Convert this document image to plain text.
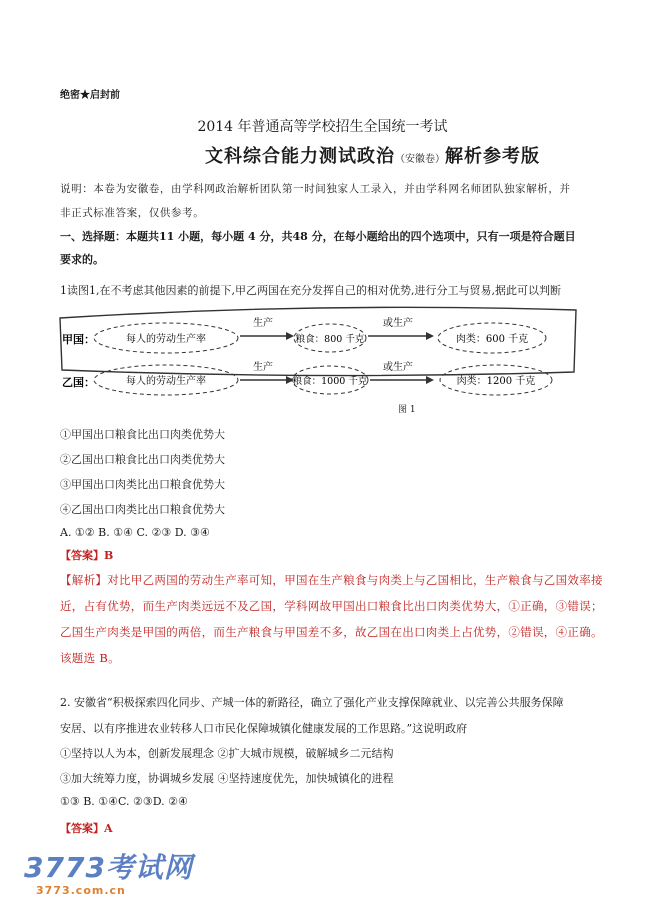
绝密★启封前
2014 年普通高等学校招生全国统一考试
文科综合能力测试政治（安徽卷）解析参考版
说明：本卷为安徽卷，由学科网政治解析团队第一时间独家人工录入，并由学科网名师团队独家解析，并
非正式标准答案，仅供参考。
一、选择题：本题共11 小题，每小题 4 分，共48 分，在每小题给出的四个选项中，只有一项是符合题目
要求的。
1读图1,在不考虑其他因素的前提下,甲乙两国在充分发挥自己的相对优势,进行分工与贸易,据此可以判断
甲国：	每人的劳动生产率
生产
粮食：800 千克
或生产
肉类：600 千克
乙国：	每人的劳动生产率
生产
粮食：1000 千克
或生产
肉类：1200 千克
图 1
①甲国出口粮食比出口肉类优势大
②乙国出口粮食比出口肉类优势大
③甲国出口肉类比出口粮食优势大
④乙国出口肉类比出口粮食优势大
A. ①② B. ①④ C. ②③ D. ③④
【答案】B
【解析】对比甲乙两国的劳动生产率可知，甲国在生产粮食与肉类上与乙国相比，生产粮食与乙国效率接
近，占有优势，而生产肉类远远不及乙国，学科网故甲国出口粮食比出口肉类优势大，①正确，③错误；
乙国生产肉类是甲国的两倍，而生产粮食与甲国差不多，故乙国在出口肉类上占优势，②错误，④正确。
该题选 B。
2. 安徽省“积极探索四化同步、产城一体的新路径，确立了强化产业支撑保障就业、以完善公共服务保障
安居、以有序推进农业转移人口市民化保障城镇化健康发展的工作思路。”这说明政府
①坚持以人为本，创新发展理念 ②扩大城市规模，破解城乡二元结构
③加大统筹力度，协调城乡发展 ④坚持速度优先，加快城镇化的进程
①③ B. ①④C. ②③D. ②④
【答案】A
3773考试网
3773.com.cn
